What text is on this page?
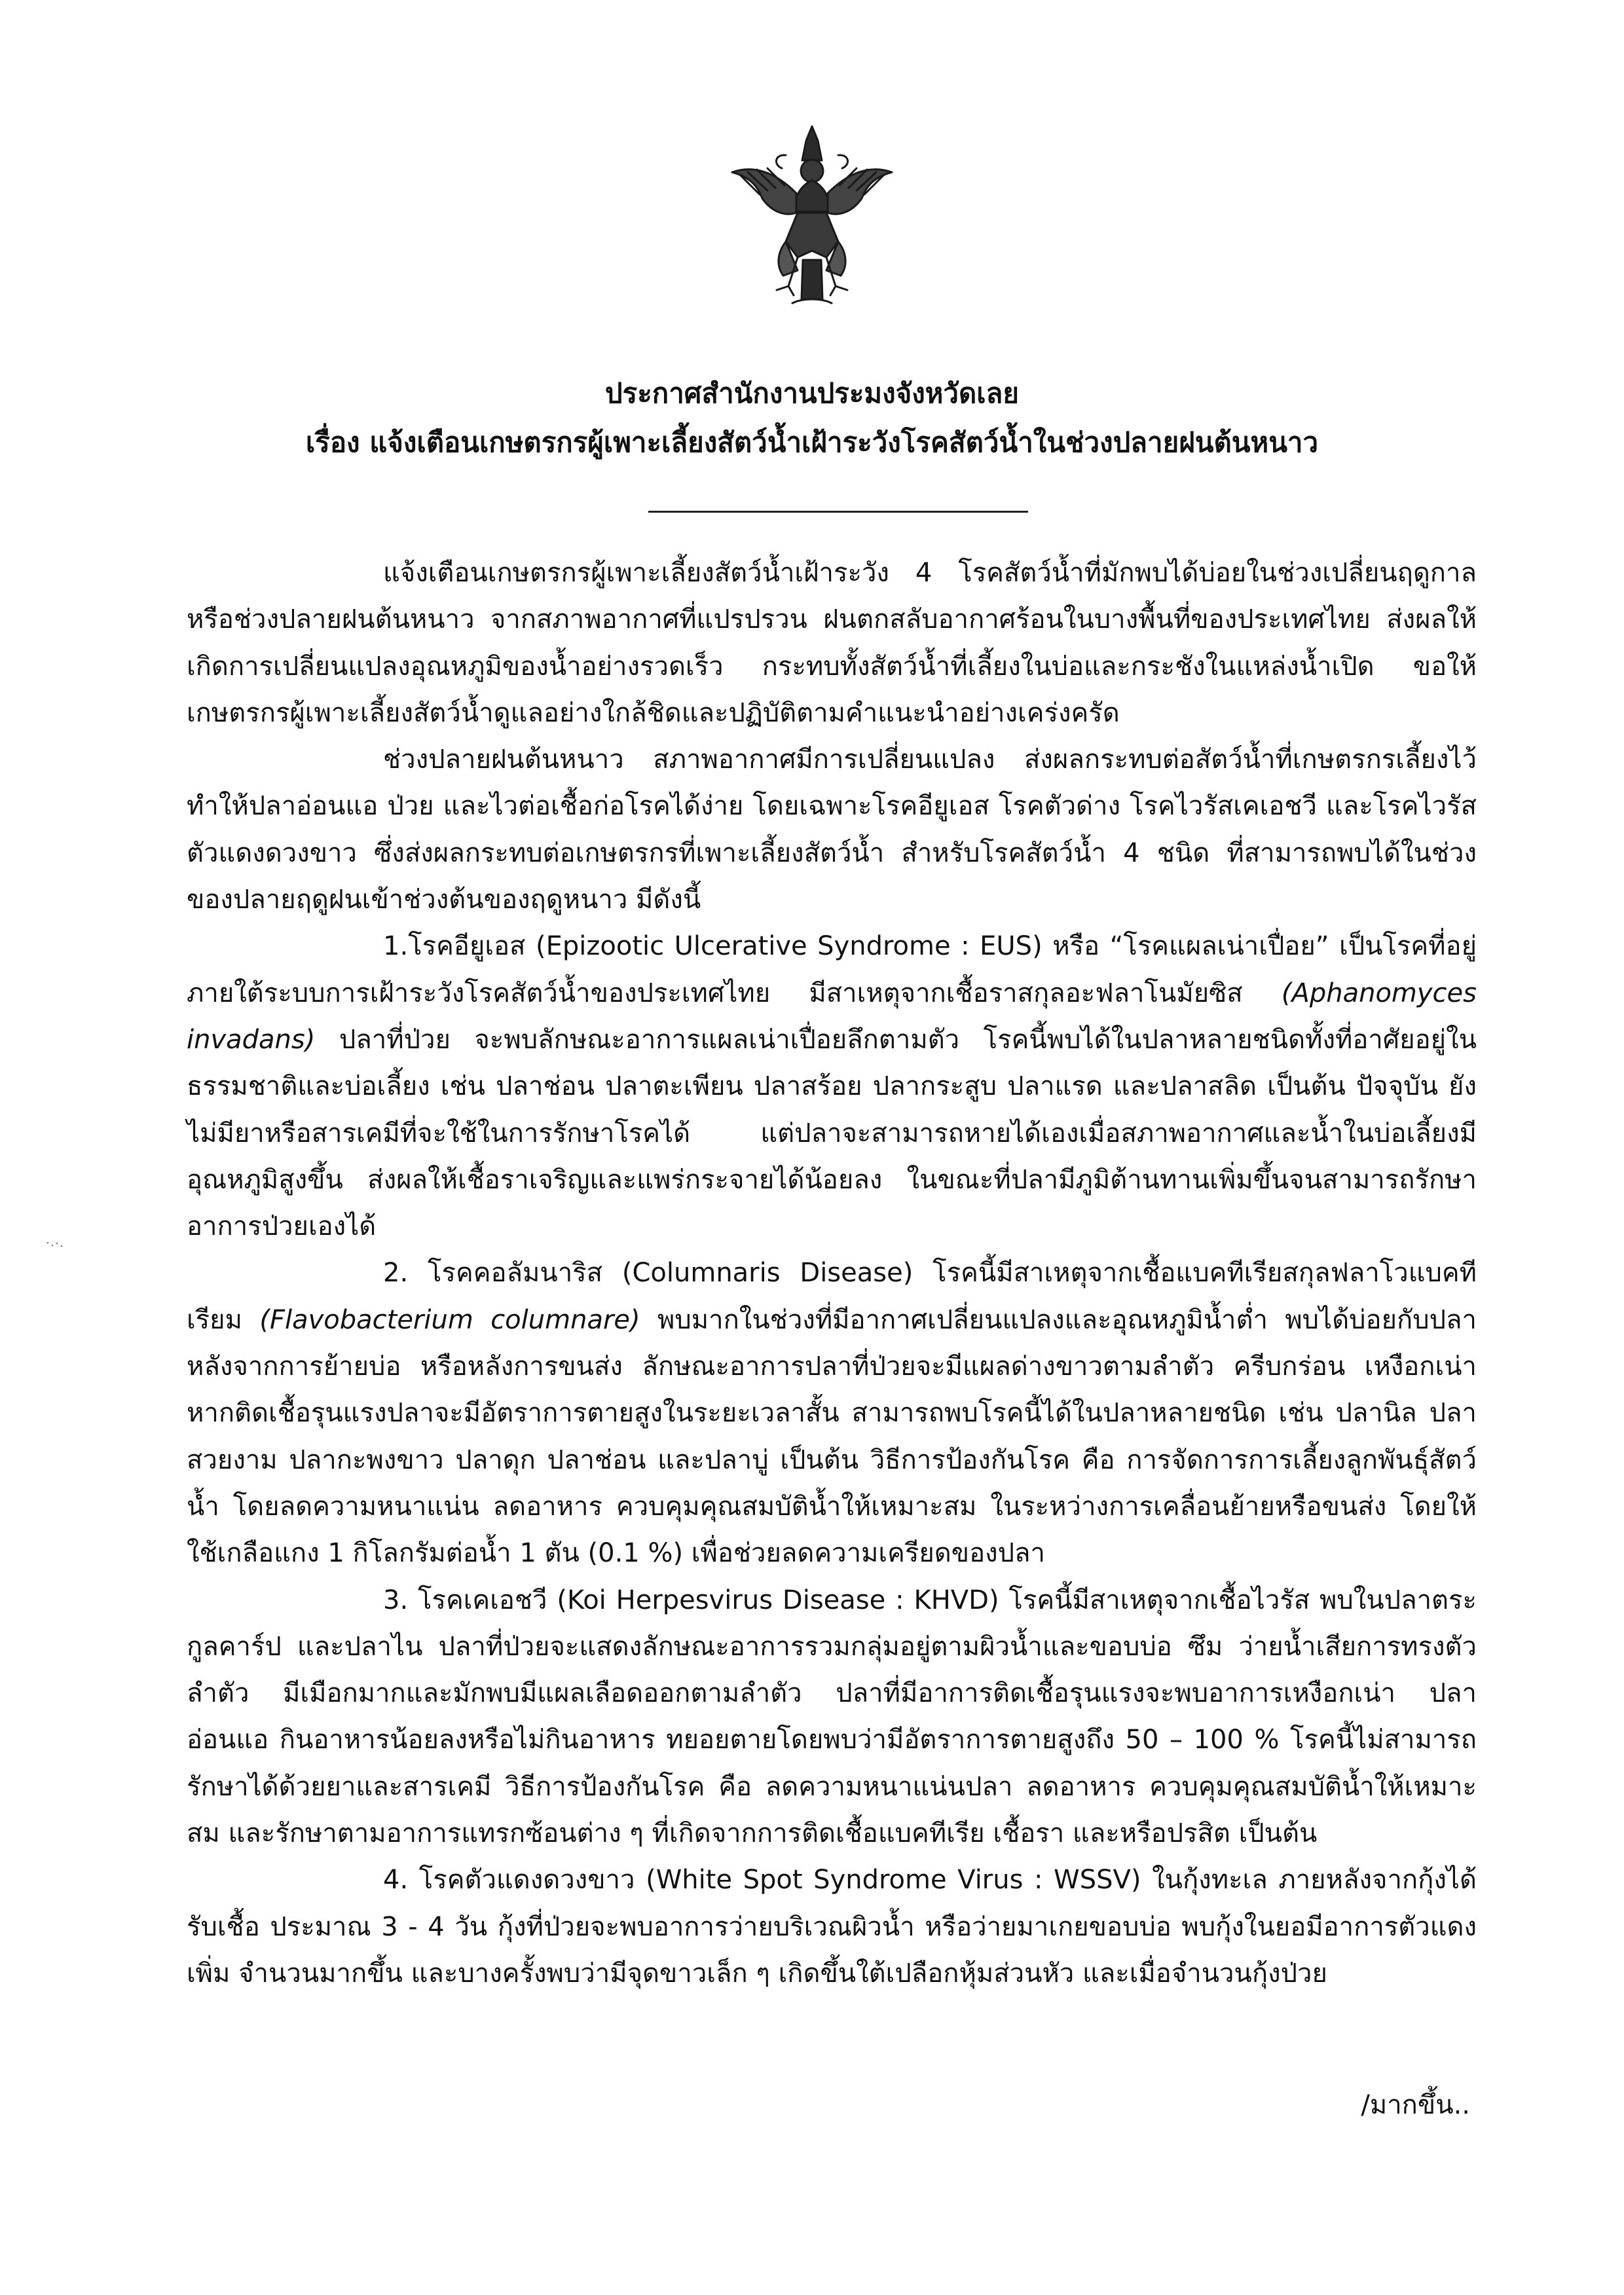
ประกาศสำนักงานประมงจังหวัดเลย
เรื่อง แจ้งเตือนเกษตรกรผู้เพาะเลี้ยงสัตว์น้ำเฝ้าระวังโรคสัตว์น้ำในช่วงปลายฝนต้นหนาว

แจ้งเตือนเกษตรกรผู้เพาะเลี้ยงสัตว์น้ำเฝ้าระวัง 4 โรคสัตว์น้ำที่มักพบได้บ่อยในช่วงเปลี่ยนฤดูกาล หรือช่วงปลายฝนต้นหนาว จากสภาพอากาศที่แปรปรวน ฝนตกสลับอากาศร้อนในบางพื้นที่ของประเทศไทย ส่งผลให้เกิดการเปลี่ยนแปลงอุณหภูมิของน้ำอย่างรวดเร็ว กระทบทั้งสัตว์น้ำที่เลี้ยงในบ่อและกระชังในแหล่งน้ำเปิด ขอให้เกษตรกรผู้เพาะเลี้ยงสัตว์น้ำดูแลอย่างใกล้ชิดและปฏิบัติตามคำแนะนำอย่างเคร่งครัด

ช่วงปลายฝนต้นหนาว สภาพอากาศมีการเปลี่ยนแปลง ส่งผลกระทบต่อสัตว์น้ำที่เกษตรกรเลี้ยงไว้ ทำให้ปลาอ่อนแอ ป่วย และไวต่อเชื้อก่อโรคได้ง่าย โดยเฉพาะโรคอียูเอส โรคตัวด่าง โรคไวรัสเคเอชวี และโรคไวรัสตัวแดงดวงขาว ซึ่งส่งผลกระทบต่อเกษตรกรที่เพาะเลี้ยงสัตว์น้ำ สำหรับโรคสัตว์น้ำ 4 ชนิด ที่สามารถพบได้ในช่วงของปลายฤดูฝนเข้าช่วงต้นของฤดูหนาว มีดังนี้

1.โรคอียูเอส (Epizootic Ulcerative Syndrome : EUS) หรือ “โรคแผลเน่าเปื่อย” เป็นโรคที่อยู่ภายใต้ระบบการเฝ้าระวังโรคสัตว์น้ำของประเทศไทย มีสาเหตุจากเชื้อราสกุลอะฟลาโนมัยซิส (Aphanomyces invadans) ปลาที่ป่วย จะพบลักษณะอาการแผลเน่าเปื่อยลึกตามตัว โรคนี้พบได้ในปลาหลายชนิดทั้งที่อาศัยอยู่ในธรรมชาติและบ่อเลี้ยง เช่น ปลาช่อน ปลาตะเพียน ปลาสร้อย ปลากระสูบ ปลาแรด และปลาสลิด เป็นต้น ปัจจุบัน ยังไม่มียาหรือสารเคมีที่จะใช้ในการรักษาโรคได้ แต่ปลาจะสามารถหายได้เองเมื่อสภาพอากาศและน้ำในบ่อเลี้ยงมีอุณหภูมิสูงขึ้น ส่งผลให้เชื้อราเจริญและแพร่กระจายได้น้อยลง ในขณะที่ปลามีภูมิต้านทานเพิ่มขึ้นจนสามารถรักษาอาการป่วยเองได้

2. โรคคอลัมนาริส (Columnaris Disease) โรคนี้มีสาเหตุจากเชื้อแบคทีเรียสกุลฟลาโวแบคทีเรียม (Flavobacterium columnare) พบมากในช่วงที่มีอากาศเปลี่ยนแปลงและอุณหภูมิน้ำต่ำ พบได้บ่อยกับปลา หลังจากการย้ายบ่อ หรือหลังการขนส่ง ลักษณะอาการปลาที่ป่วยจะมีแผลด่างขาวตามลำตัว ครีบกร่อน เหงือกเน่า หากติดเชื้อรุนแรงปลาจะมีอัตราการตายสูงในระยะเวลาสั้น สามารถพบโรคนี้ได้ในปลาหลายชนิด เช่น ปลานิล ปลาสวยงาม ปลากะพงขาว ปลาดุก ปลาช่อน และปลาบู่ เป็นต้น วิธีการป้องกันโรค คือ การจัดการการเลี้ยงลูกพันธุ์สัตว์น้ำ โดยลดความหนาแน่น ลดอาหาร ควบคุมคุณสมบัติน้ำให้เหมาะสม ในระหว่างการเคลื่อนย้ายหรือขนส่ง โดยให้ใช้เกลือแกง 1 กิโลกรัมต่อน้ำ 1 ตัน (0.1 %) เพื่อช่วยลดความเครียดของปลา

3. โรคเคเอชวี (Koi Herpesvirus Disease : KHVD) โรคนี้มีสาเหตุจากเชื้อไวรัส พบในปลาตระกูลคาร์ป และปลาไน ปลาที่ป่วยจะแสดงลักษณะอาการรวมกลุ่มอยู่ตามผิวน้ำและขอบบ่อ ซึม ว่ายน้ำเสียการทรงตัว ลำตัว มีเมือกมากและมักพบมีแผลเลือดออกตามลำตัว ปลาที่มีอาการติดเชื้อรุนแรงจะพบอาการเหงือกเน่า ปลาอ่อนแอ กินอาหารน้อยลงหรือไม่กินอาหาร ทยอยตายโดยพบว่ามีอัตราการตายสูงถึง 50 – 100 % โรคนี้ไม่สามารถรักษาได้ด้วยยาและสารเคมี วิธีการป้องกันโรค คือ ลดความหนาแน่นปลา ลดอาหาร ควบคุมคุณสมบัติน้ำให้เหมาะสม และรักษาตามอาการแทรกซ้อนต่าง ๆ ที่เกิดจากการติดเชื้อแบคทีเรีย เชื้อรา และหรือปรสิต เป็นต้น

4. โรคตัวแดงดวงขาว (White Spot Syndrome Virus : WSSV) ในกุ้งทะเล ภายหลังจากกุ้งได้รับเชื้อ ประมาณ 3 - 4 วัน กุ้งที่ป่วยจะพบอาการว่ายบริเวณผิวน้ำ หรือว่ายมาเกยขอบบ่อ พบกุ้งในยอมีอาการตัวแดงเพิ่ม จำนวนมากขึ้น และบางครั้งพบว่ามีจุดขาวเล็ก ๆ เกิดขึ้นใต้เปลือกหุ้มส่วนหัว และเมื่อจำนวนกุ้งป่วย

/มากขึ้น..
